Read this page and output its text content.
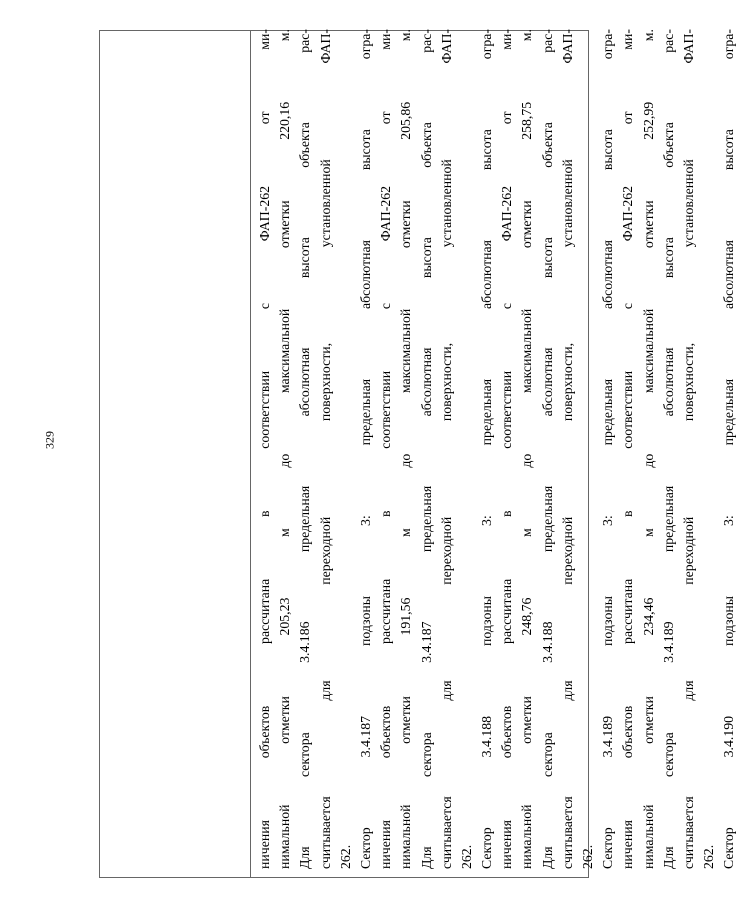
329	ничения объектов рассчитана в соответствии с ФАП-262 от ми- нимальной отметки 205,23 м до максимальной отметки 220,16 м. Для сектора 3.4.186 предельная абсолютная высота объекта рас- считывается для переходной поверхности, установленной ФАП- 262. Сектор 3.4.187 подзоны 3: предельная абсолютная высота огра- ничения объектов рассчитана в соответствии с ФАП-262 от ми- нимальной отметки 191,56 м до максимальной отметки 205,86 м. Для сектора 3.4.187 предельная абсолютная высота объекта рас- считывается для переходной поверхности, установленной ФАП- 262. Сектор 3.4.188 подзоны 3: предельная абсолютная высота огра- ничения объектов рассчитана в соответствии с ФАП-262 от ми- нимальной отметки 248,76 м до максимальной отметки 258,75 м. Для сектора 3.4.188 предельная абсолютная высота объекта рас- считывается для переходной поверхности, установленной ФАП- 262. Сектор 3.4.189 подзоны 3: предельная абсолютная высота огра- ничения объектов рассчитана в соответствии с ФАП-262 от ми- нимальной отметки 234,46 м до максимальной отметки 252,99 м. Для сектора 3.4.189 предельная абсолютная высота объекта рас- считывается для переходной поверхности, установленной ФАП- 262. Сектор 3.4.190 подзоны 3: предельная абсолютная высота огра-
